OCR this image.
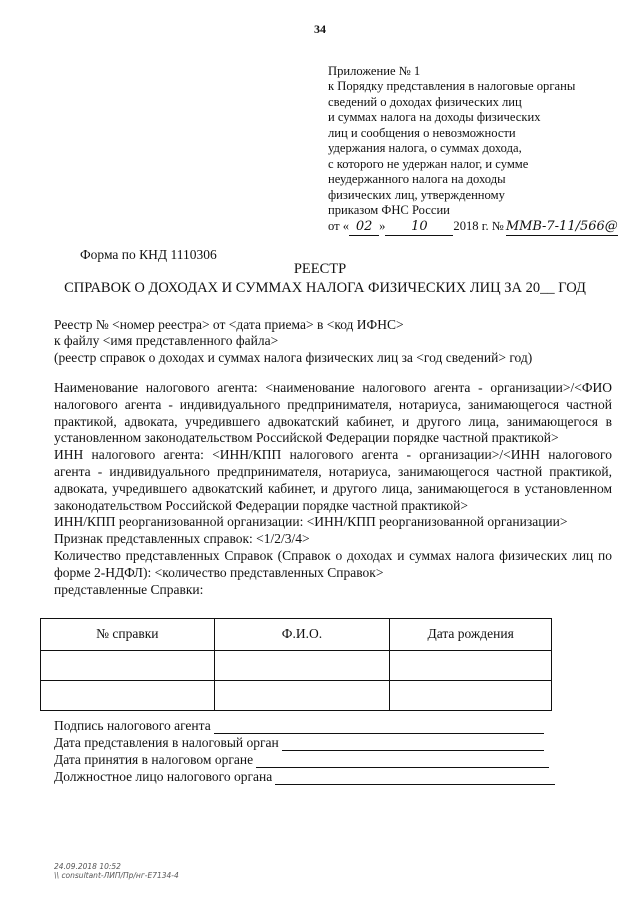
34
Приложение № 1
к Порядку представления в налоговые органы
сведений о доходах физических лиц
и суммах налога на доходы физических
лиц и сообщения о невозможности
удержания налога, о суммах дохода,
с которого не удержан налог, и сумме
неудержанного налога на доходы
физических лиц, утвержденному
приказом ФНС России
от « 02 » 10 2018 г. № ММВ-7-11/566@
Форма по КНД 1110306
РЕЕСТР
СПРАВОК О ДОХОДАХ И СУММАХ НАЛОГА ФИЗИЧЕСКИХ ЛИЦ ЗА 20__ ГОД
Реестр № <номер реестра> от <дата приема> в <код ИФНС>
к файлу <имя представленного файла>
(реестр справок о доходах и суммах налога физических лиц за <год сведений> год)

Наименование налогового агента: <наименование налогового агента - организации>/<ФИО налогового агента - индивидуального предпринимателя, нотариуса, занимающегося частной практикой, адвоката, учредившего адвокатский кабинет, и другого лица, занимающегося в установленном законодательством Российской Федерации порядке частной практикой>

ИНН налогового агента: <ИНН/КПП налогового агента - организации>/<ИНН налогового агента - индивидуального предпринимателя, нотариуса, занимающегося частной практикой, адвоката, учредившего адвокатский кабинет, и другого лица, занимающегося в установленном законодательством Российской Федерации порядке частной практикой>

ИНН/КПП реорганизованной организации: <ИНН/КПП реорганизованной организации>

Признак представленных справок: <1/2/3/4>

Количество представленных Справок (Справок о доходах и суммах налога физических лиц по форме 2-НДФЛ): <количество представленных Справок>

представленные Справки:

№ справки	Ф.И.О.	Дата рождения

Подпись налогового агента
Дата представления в налоговый орган
Дата принятия в налоговом органе
Должностное лицо налогового органа
24.09.2018 10:52
\\ consultant-ЛИП/Пр/нг-Е7134-4
